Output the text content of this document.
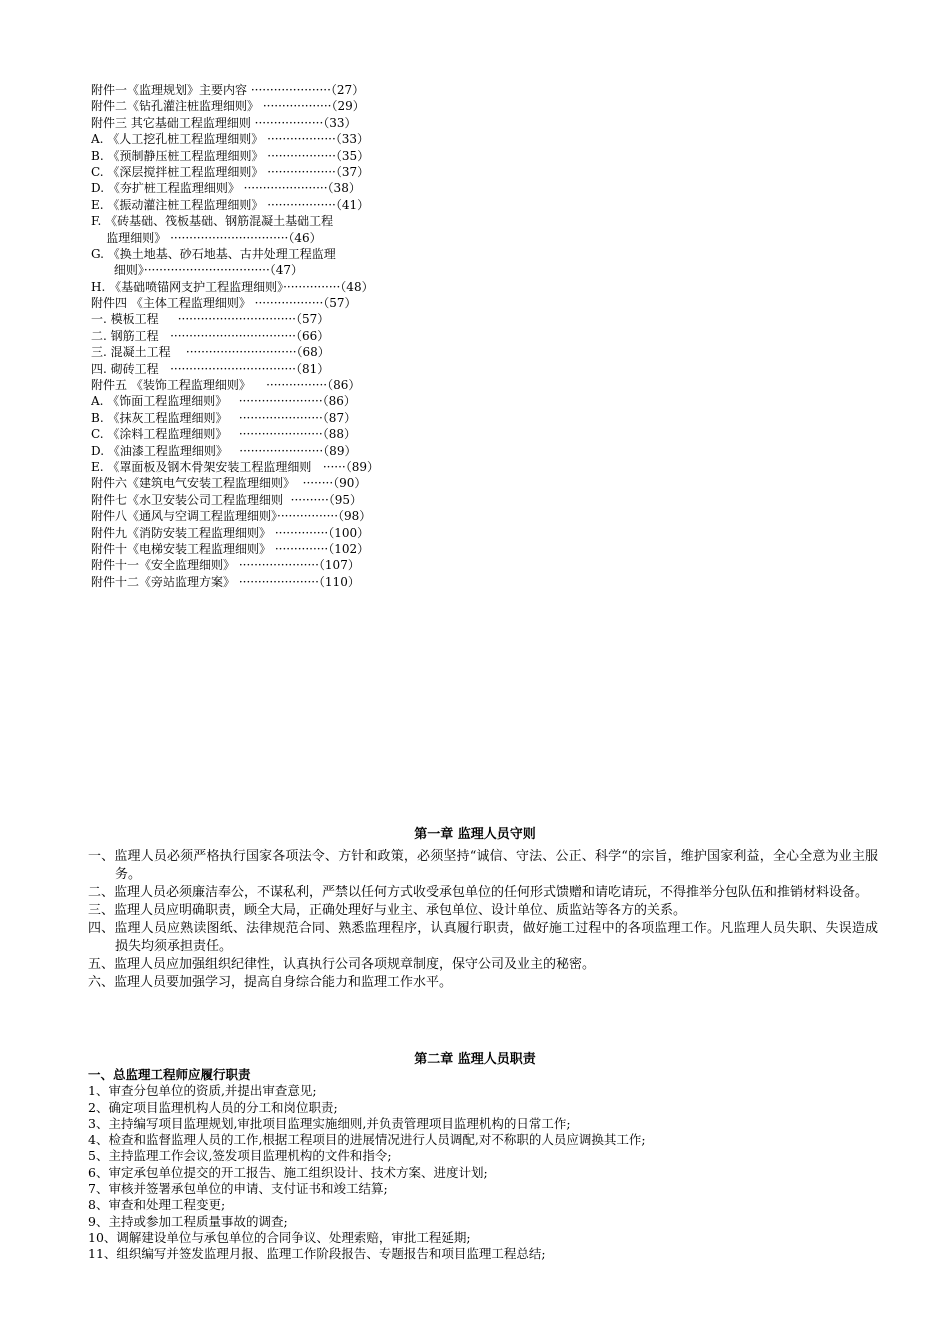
附件一《监理规划》主要内容 ·····················（27）
附件二《钻孔灌注桩监理细则》 ··················（29）
附件三 其它基础工程监理细则 ··················（33）
A. 《人工挖孔桩工程监理细则》 ··················（33）
B. 《预制静压桩工程监理细则》 ··················（35）
C. 《深层搅拌桩工程监理细则》 ··················（37）
D. 《夯扩桩工程监理细则》 ······················（38）
E. 《振动灌注桩工程监理细则》 ··················（41）
F. 《砖基础、筏板基础、钢筋混凝土基础工程
监理细则》 ·······························（46）
G. 《换土地基、砂石地基、古井处理工程监理
细则》·································（47）
H. 《基础喷锚网支护工程监理细则》···············（48）
附件四 《主体工程监理细则》 ··················（57）
一. 模板工程     ·······························（57）
二. 钢筋工程   ·································（66）
三. 混凝土工程    ·····························（68）
四. 砌砖工程   ·································（81）
附件五 《装饰工程监理细则》    ················（86）
A. 《饰面工程监理细则》   ······················（86）
B. 《抹灰工程监理细则》   ······················（87）
C. 《涂料工程监理细则》   ······················（88）
D. 《油漆工程监理细则》   ······················（89）
E. 《罩面板及钢木骨架安装工程监理细则   ······（89）
附件六《建筑电气安装工程监理细则》  ········（90）
附件七《水卫安装公司工程监理细则  ··········（95）
附件八《通风与空调工程监理细则》················（98）
附件九《消防安装工程监理细则》 ··············（100）
附件十《电梯安装工程监理细则》 ··············（102）
附件十一《安全监理细则》 ·····················（107）
附件十二《旁站监理方案》 ·····················（110）
第一章 监理人员守则
一、监理人员必须严格执行国家各项法令、方针和政策，必须坚持“诚信、守法、公正、科学“的宗旨，维护国家利益，全心全意为业主服务。
二、监理人员必须廉洁奉公，不谋私利，严禁以任何方式收受承包单位的任何形式馈赠和请吃请玩，不得推举分包队伍和推销材料设备。
三、监理人员应明确职责，顾全大局，正确处理好与业主、承包单位、设计单位、质监站等各方的关系。
四、监理人员应熟读图纸、法律规范合同、熟悉监理程序，认真履行职责，做好施工过程中的各项监理工作。凡监理人员失职、失误造成损失均须承担责任。
五、监理人员应加强组织纪律性，认真执行公司各项规章制度，保守公司及业主的秘密。
六、监理人员要加强学习，提高自身综合能力和监理工作水平。
第二章 监理人员职责
一、总监理工程师应履行职责
1、审查分包单位的资质,并提出审查意见;
2、确定项目监理机构人员的分工和岗位职责;
3、主持编写项目监理规划,审批项目监理实施细则,并负责管理项目监理机构的日常工作;
4、检查和监督监理人员的工作,根据工程项目的进展情况进行人员调配,对不称职的人员应调换其工作;
5、主持监理工作会议,签发项目监理机构的文件和指令;
6、审定承包单位提交的开工报告、施工组织设计、技术方案、进度计划;
7、审核并签署承包单位的申请、支付证书和竣工结算;
8、审查和处理工程变更;
9、主持或参加工程质量事故的调查;
10、调解建设单位与承包单位的合同争议、处理索赔，审批工程延期;
11、组织编写并签发监理月报、监理工作阶段报告、专题报告和项目监理工程总结;
